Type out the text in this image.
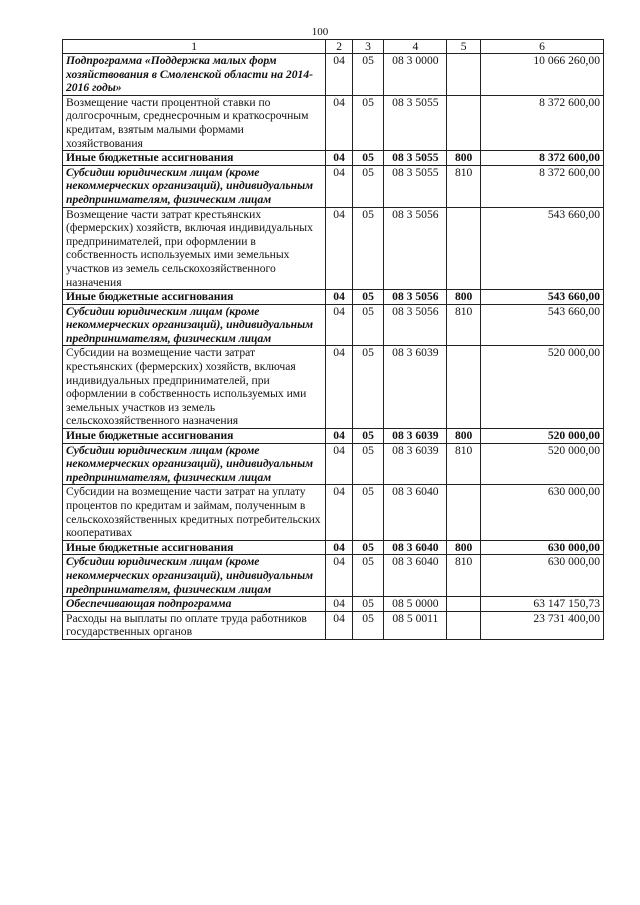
100
1	2	3	4	5	6
Подпрограмма «Поддержка малых форм хозяйствования в Смоленской области на 2014-2016 годы»	04	05	08 3 0000		10 066 260,00
Возмещение части процентной ставки по долгосрочным, среднесрочным и краткосрочным кредитам, взятым малыми формами хозяйствования	04	05	08 3 5055		8 372 600,00
Иные бюджетные ассигнования	04	05	08 3 5055	800	8 372 600,00
Субсидии юридическим лицам (кроме некоммерческих организаций), индивидуальным предпринимателям, физическим лицам	04	05	08 3 5055	810	8 372 600,00
Возмещение части затрат крестьянских (фермерских) хозяйств, включая индивидуальных предпринимателей, при оформлении в собственность используемых ими земельных участков из земель сельскохозяйственного назначения	04	05	08 3 5056		543 660,00
Иные бюджетные ассигнования	04	05	08 3 5056	800	543 660,00
Субсидии юридическим лицам (кроме некоммерческих организаций), индивидуальным предпринимателям, физическим лицам	04	05	08 3 5056	810	543 660,00
Субсидии на возмещение части затрат крестьянских (фермерских) хозяйств, включая индивидуальных предпринимателей, при оформлении в собственность используемых ими земельных участков из земель сельскохозяйственного назначения	04	05	08 3 6039		520 000,00
Иные бюджетные ассигнования	04	05	08 3 6039	800	520 000,00
Субсидии юридическим лицам (кроме некоммерческих организаций), индивидуальным предпринимателям, физическим лицам	04	05	08 3 6039	810	520 000,00
Субсидии на возмещение части затрат на уплату процентов по кредитам и займам, полученным в сельскохозяйственных кредитных потребительских кооперативах	04	05	08 3 6040		630 000,00
Иные бюджетные ассигнования	04	05	08 3 6040	800	630 000,00
Субсидии юридическим лицам (кроме некоммерческих организаций), индивидуальным предпринимателям, физическим лицам	04	05	08 3 6040	810	630 000,00
Обеспечивающая подпрограмма	04	05	08 5 0000		63 147 150,73
Расходы на выплаты по оплате труда работников государственных органов	04	05	08 5 0011		23 731 400,00
